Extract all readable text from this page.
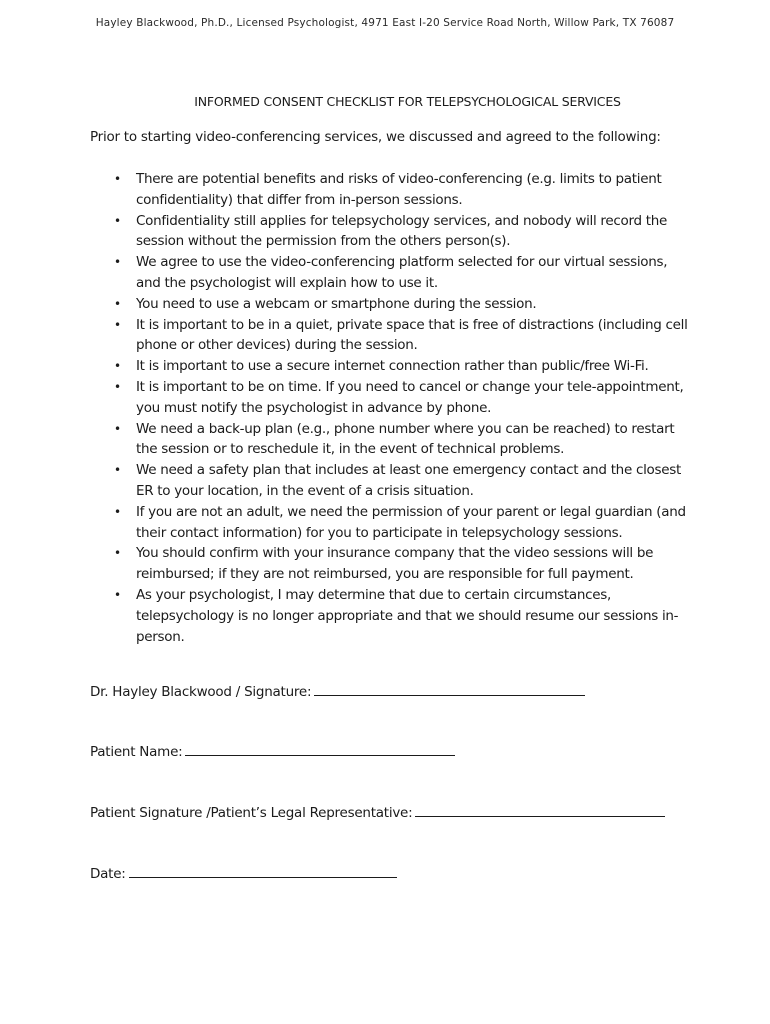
Hayley Blackwood, Ph.D., Licensed Psychologist, 4971 East I-20 Service Road North, Willow Park, TX 76087
INFORMED CONSENT CHECKLIST FOR TELEPSYCHOLOGICAL SERVICES
Prior to starting video-conferencing services, we discussed and agreed to the following:
• There are potential benefits and risks of video-conferencing (e.g. limits to patient confidentiality) that differ from in-person sessions.
• Confidentiality still applies for telepsychology services, and nobody will record the session without the permission from the others person(s).
• We agree to use the video-conferencing platform selected for our virtual sessions, and the psychologist will explain how to use it.
• You need to use a webcam or smartphone during the session.
• It is important to be in a quiet, private space that is free of distractions (including cell phone or other devices) during the session.
• It is important to use a secure internet connection rather than public/free Wi-Fi.
• It is important to be on time. If you need to cancel or change your tele-appointment, you must notify the psychologist in advance by phone.
• We need a back-up plan (e.g., phone number where you can be reached) to restart the session or to reschedule it, in the event of technical problems.
• We need a safety plan that includes at least one emergency contact and the closest ER to your location, in the event of a crisis situation.
• If you are not an adult, we need the permission of your parent or legal guardian (and their contact information) for you to participate in telepsychology sessions.
• You should confirm with your insurance company that the video sessions will be reimbursed; if they are not reimbursed, you are responsible for full payment.
• As your psychologist, I may determine that due to certain circumstances, telepsychology is no longer appropriate and that we should resume our sessions in-person.
Dr. Hayley Blackwood / Signature:
Patient Name:
Patient Signature /Patient’s Legal Representative:
Date:
